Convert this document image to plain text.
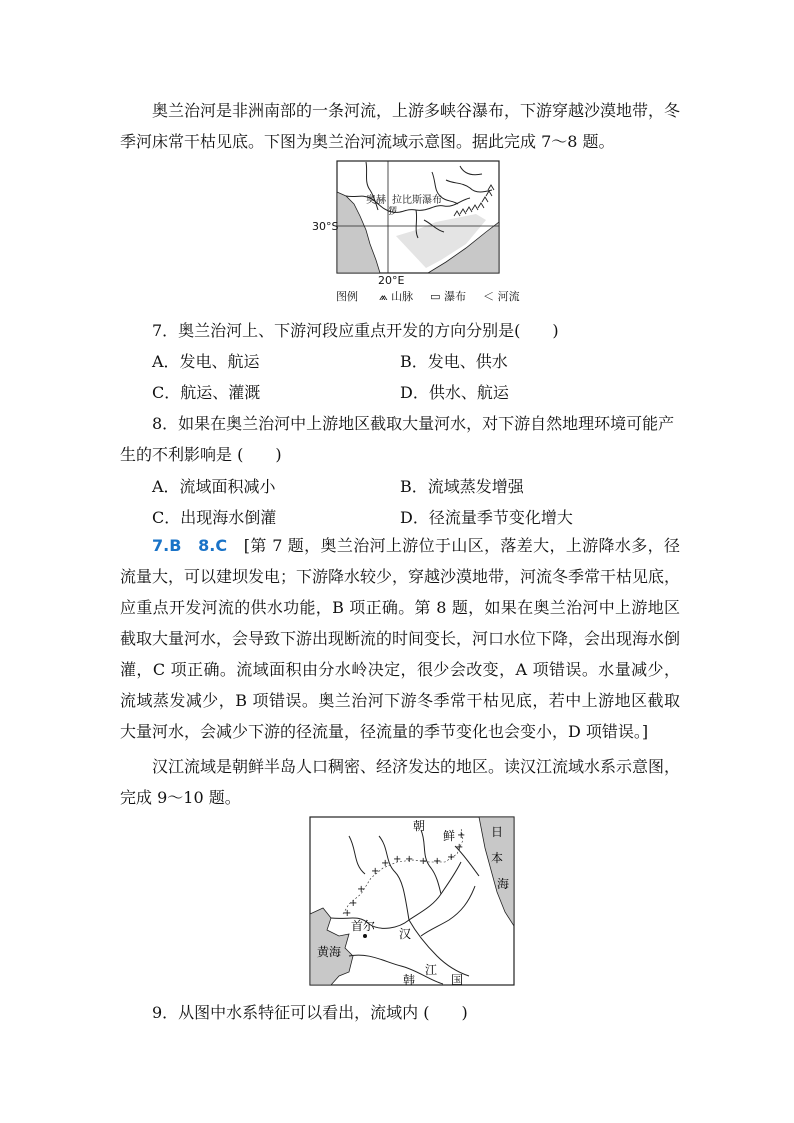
奥兰治河是非洲南部的一条河流，上游多峡谷瀑布，下游穿越沙漠地带，冬
季河床常干枯见底。下图为奥兰治河流域示意图。据此完成 7～8 题。
奥赫 拉比斯瀑布
猡
30°S
20°E
图例 ⩕ 山脉 ▭ 瀑布 ＜ 河流
7．奥兰治河上、下游河段应重点开发的方向分别是(　　)
A．发电、航运	B．发电、供水
C．航运、灌溉	D．供水、航运
8．如果在奥兰治河中上游地区截取大量河水，对下游自然地理环境可能产
生的不利影响是 (　　)
A．流域面积减小	B．流域蒸发增强
C．出现海水倒灌	D．径流量季节变化增大
7.B　8.C　 [第 7 题，奥兰治河上游位于山区，落差大，上游降水多，径流量大，可以建坝发电；下游降水较少，穿越沙漠地带，河流冬季常干枯见底，应重点开发河流的供水功能，B 项正确。第 8 题，如果在奥兰治河中上游地区截取大量河水，会导致下游出现断流的时间变长，河口水位下降，会出现海水倒灌，C 项正确。流域面积由分水岭决定，很少会改变，A 项错误。水量减少，流域蒸发减少，B 项错误。奥兰治河下游冬季常干枯见底，若中上游地区截取大量河水，会减少下游的径流量，径流量的季节变化也会变小，D 项错误。]
汉江流域是朝鲜半岛人口稠密、经济发达的地区。读汉江流域水系示意图，
完成 9～10 题。
+
+
+
+
+ + + + + +
+
+
朝
鲜	日
本
海
首尔
汉
黄海
江
韩	国
9．从图中水系特征可以看出，流域内 (　　)
